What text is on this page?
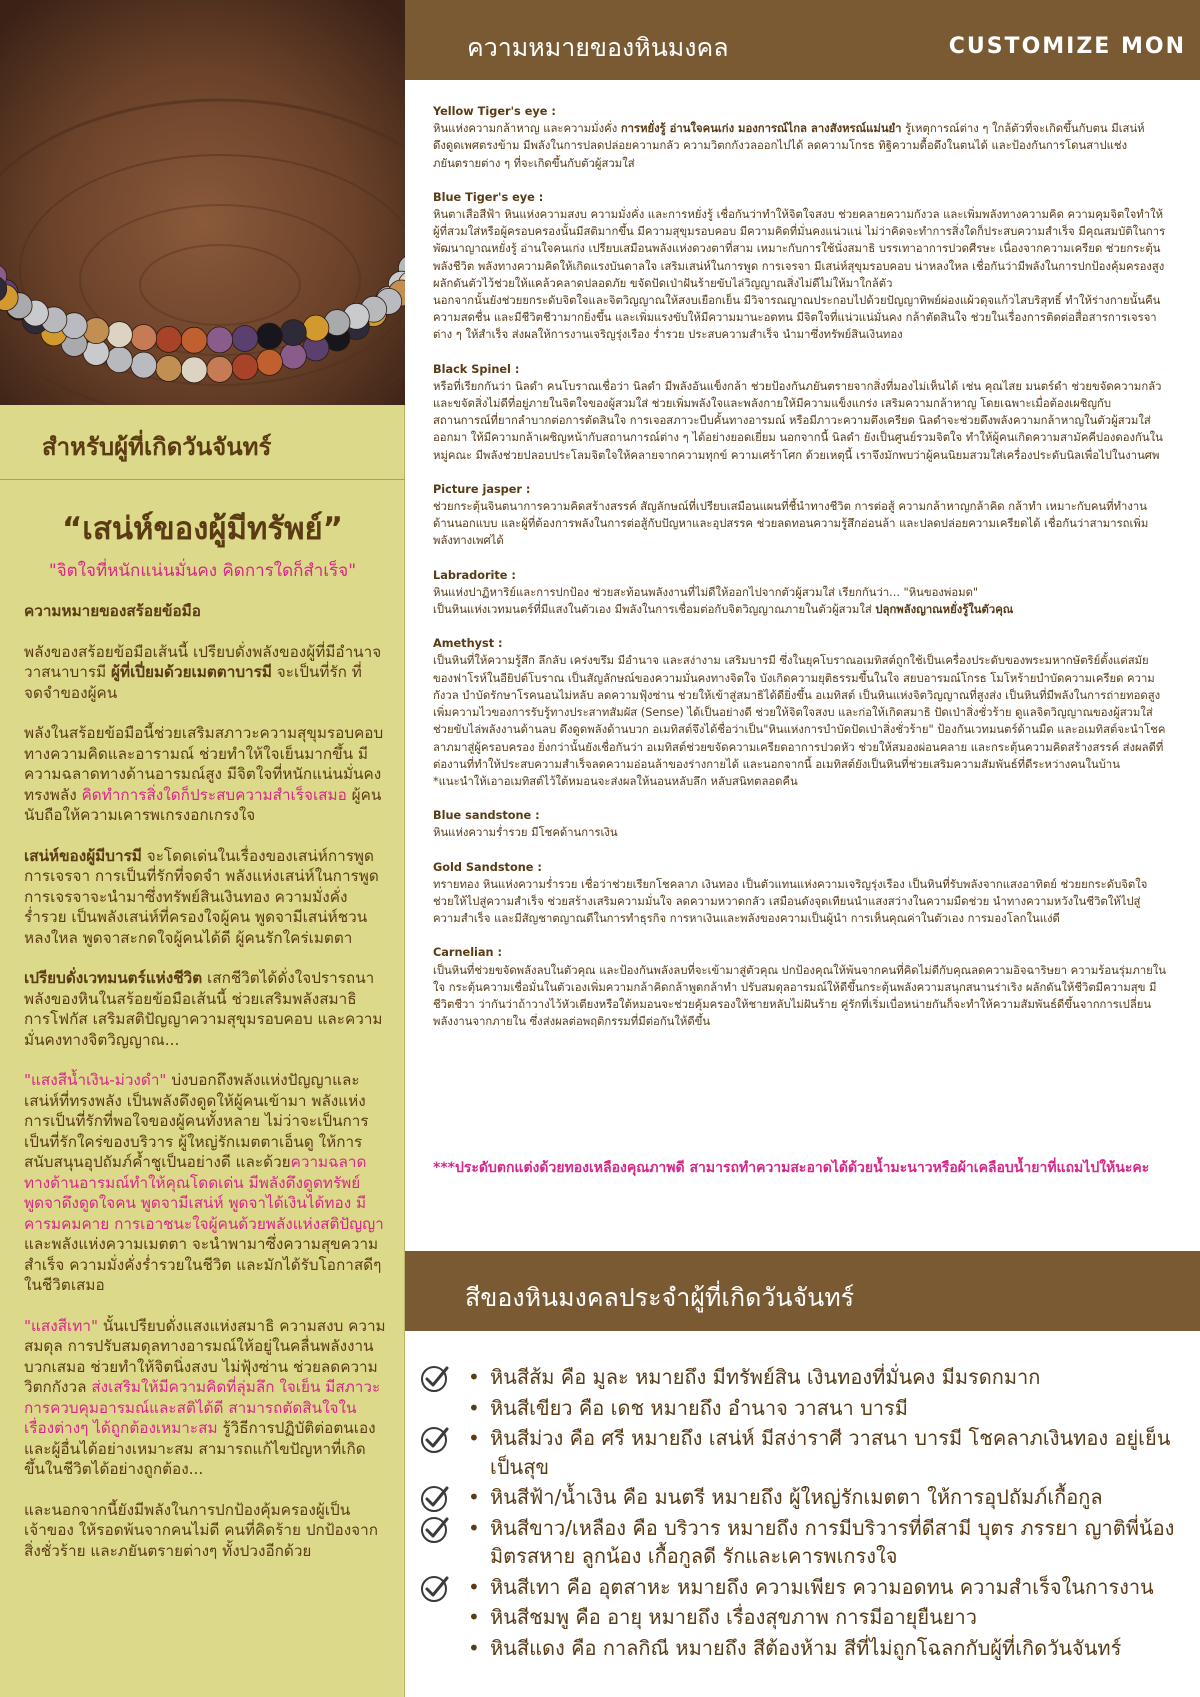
สำหรับผู้ที่เกิดวันจันทร์
“เสน่ห์ของผู้มีทรัพย์”
"จิตใจที่หนักแน่นมั่นคง คิดการใดก็สำเร็จ"

ความหมายของสร้อยข้อมือ

พลังของสร้อยข้อมือเส้นนี้ เปรียบดั่งพลังของผู้ที่มีอำนาจวาสนาบารมี ผู้ที่เปี่ยมด้วยเมตตาบารมี จะเป็นที่รัก ที่จดจำของผู้คน

พลังในสร้อยข้อมือนี้ช่วยเสริมสภาวะความสุขุมรอบคอบทางความคิดและอารามณ์ ช่วยทำให้ใจเย็นมากขึ้น มีความฉลาดทางด้านอารมณ์สูง มีจิตใจที่หนักแน่นมั่นคงทรงพลัง คิดทำการสิ่งใดก็ประสบความสำเร็จเสมอ ผู้คนนับถือให้ความเคารพเกรงอกเกรงใจ

เสน่ห์ของผู้มีบารมี จะโดดเด่นในเรื่องของเสน่ห์การพูดการเจรจา การเป็นที่รักที่จดจำ พลังแห่งเสน่ห์ในการพูดการเจรจาจะนำมาซึ่งทรัพย์สินเงินทอง ความมั่งคั่งร่ำรวย เป็นพลังเสน่ห์ที่ครองใจผู้คน พูดจามีเสน่ห์ชวนหลงใหล พูดจาสะกดใจผู้คนได้ดี ผู้คนรักใคร่เมตตา

เปรียบดั่งเวทมนตร์แห่งชีวิต เสกชีวิตได้ดั่งใจปรารถนา พลังของหินในสร้อยข้อมือเส้นนี้ ช่วยเสริมพลังสมาธิ การโฟกัส เสริมสติปัญญาความสุขุมรอบคอบ และความมั่นคงทางจิตวิญญาณ...

"แสงสีน้ำเงิน-ม่วงดำ" บ่งบอกถึงพลังแห่งปัญญาและเสน่ห์ที่ทรงพลัง เป็นพลังดึงดูดให้ผู้คนเข้ามา พลังแห่งการเป็นที่รักที่พอใจของผู้คนทั้งหลาย ไม่ว่าจะเป็นการเป็นที่รักใคร่ของบริวาร ผู้ใหญ่รักเมตตาเอ็นดู ให้การสนับสนุนอุปถัมภ์ค้ำชูเป็นอย่างดี และด้วยความฉลาดทางด้านอารมณ์ทำให้คุณโดดเด่น มีพลังดึงดูดทรัพย์ พูดจาดึงดูดใจคน พูดจามีเสน่ห์ พูดจาได้เงินได้ทอง มีคารมคมคาย การเอาชนะใจผู้คนด้วยพลังแห่งสติปัญญา และพลังแห่งความเมตตา จะนำพามาซึ่งความสุขความสำเร็จ ความมั่งคั่งร่ำรวยในชีวิต และมักได้รับโอกาสดีๆ ในชีวิตเสมอ

"แสงสีเทา" นั้นเปรียบดั่งแสงแห่งสมาธิ ความสงบ ความสมดุล การปรับสมดุลทางอารมณ์ให้อยู่ในคลื่นพลังงานบวกเสมอ ช่วยทำให้จิตนิ่งสงบ ไม่ฟุ้งซ่าน ช่วยลดความวิตกกังวล ส่งเสริมให้มีความคิดที่ลุ่มลึก ใจเย็น มีสภาวะการควบคุมอารมณ์และสติได้ดี สามารถตัดสินใจในเรื่องต่างๆ ได้ถูกต้องเหมาะสม รู้วิธีการปฏิบัติต่อตนเองและผู้อื่นได้อย่างเหมาะสม สามารถแก้ไขปัญหาที่เกิดขึ้นในชีวิตได้อย่างถูกต้อง...

และนอกจากนี้ยังมีพลังในการปกป้องคุ้มครองผู้เป็นเจ้าของ ให้รอดพ้นจากคนไม่ดี คนที่คิดร้าย ปกป้องจากสิ่งชั่วร้าย และภยันตรายต่างๆ ทั้งปวงอีกด้วย

ความหมายของหินมงคล	CUSTOMIZE MON
Yellow Tiger's eye :
หินแห่งความกล้าหาญ และความมั่งคั่ง การหยั่งรู้ อ่านใจคนเก่ง มองการณ์ไกล ลางสังหรณ์แม่นยำ รู้เหตุการณ์ต่าง ๆ ใกล้ตัวที่จะเกิดขึ้นกับตน มีเสน่ห์ดึงดูดเพศตรงข้าม มีพลังในการปลดปล่อยความกลัว ความวิตกกังวลออกไปได้ ลดความโกรธ ทิฐิความดื้อดึงในตนได้ และป้องกันการโดนสาปแช่ง ภยันตรายต่าง ๆ ที่จะเกิดขึ้นกับตัวผู้สวมใส่
Blue Tiger's eye :
หินตาเสือสีฟ้า หินแห่งความสงบ ความมั่งคั่ง และการหยั่งรู้ เชื่อกันว่าทำให้จิตใจสงบ ช่วยคลายความกังวล และเพิ่มพลังทางความคิด ความคุมจิตใจทำให้ผู้ที่สวมใส่หรือผู้ครอบครองนั้นมีสติมากขึ้น มีความสุขุมรอบคอบ มีความคิดที่มั่นคงแน่วแน่ ไม่ว่าคิดจะทำการสิ่งใดก็ประสบความสำเร็จ มีคุณสมบัติในการพัฒนาญาณหยั่งรู้ อ่านใจคนเก่ง เปรียบเสมือนพลังแห่งดวงตาที่สาม เหมาะกับการใช้นั่งสมาธิ บรรเทาอาการปวดศีรษะ เนื่องจากความเครียด ช่วยกระตุ้นพลังชีวิต พลังทางความคิดให้เกิดแรงบันดาลใจ เสริมเสน่ห์ในการพูด การเจรจา มีเสน่ห์สุขุมรอบคอบ น่าหลงใหล เชื่อกันว่ามีพลังในการปกป้องคุ้มครองสูง ผลักดันตัวไว้ช่วยให้แคล้วคลาดปลอดภัย ขจัดปัดเป่าฝันร้ายขับไล่วิญญาณสิ่งไม่ดีไม่ให้มาใกล้ตัว
นอกจากนั้นยังช่วยยกระดับจิตใจและจิตวิญญาณให้สงบเยือกเย็น มีวิจารณญาณประกอบไปด้วยปัญญาทิพย์ผ่องแผ้วดุจแก้วไสบริสุทธิ์ ทำให้ร่างกายนั้นคืนความสดชื่น และมีชีวิตชีวามากยิ่งขึ้น และเพิ่มแรงขับให้มีความมานะอดทน มีจิตใจที่แน่วแน่มั่นคง กล้าตัดสินใจ ช่วยในเรื่องการติดต่อสื่อสารการเจรจาต่าง ๆ ให้สำเร็จ ส่งผลให้การงานเจริญรุ่งเรือง ร่ำรวย ประสบความสำเร็จ นำมาซึ่งทรัพย์สินเงินทอง
Black Spinel :
หรือที่เรียกกันว่า นิลดำ คนโบราณเชื่อว่า นิลดำ มีพลังอันแข็งกล้า ช่วยป้องกันภยันตรายจากสิ่งที่มองไม่เห็นได้ เช่น คุณไสย มนตร์ดำ ช่วยขจัดความกลัว และขจัดสิ่งไม่ดีที่อยู่ภายในจิตใจของผู้สวมใส่ ช่วยเพิ่มพลังใจและพลังกายให้มีความแข็งแกร่ง เสริมความกล้าหาญ โดยเฉพาะเมื่อต้องเผชิญกับสถานการณ์ที่ยากลำบากต่อการตัดสินใจ การเจอสภาวะบีบคั้นทางอารมณ์ หรือมีภาวะความตึงเครียด นิลดำจะช่วยดึงพลังความกล้าหาญในตัวผู้สวมใส่ออกมา ให้มีความกล้าเผชิญหน้ากับสถานการณ์ต่าง ๆ ได้อย่างยอดเยี่ยม นอกจากนี้ นิลดำ ยังเป็นศูนย์รวมจิตใจ ทำให้ผู้คนเกิดความสามัคคีปองดองกันในหมู่คณะ มีพลังช่วยปลอบประโลมจิตใจให้คลายจากความทุกข์ ความเศร้าโศก ด้วยเหตุนี้ เราจึงมักพบว่าผู้คนนิยมสวมใส่เครื่องประดับนิลเพื่อไปในงานศพ
Picture jasper :
ช่วยกระตุ้นจินตนาการความคิดสร้างสรรค์ สัญลักษณ์ที่เปรียบเสมือนแผนที่ชี้นำทางชีวิต การต่อสู้ ความกล้าหาญกล้าคิด กล้าทำ เหมาะกับคนที่ทำงานด้านนอกแบบ และผู้ที่ต้องการพลังในการต่อสู้กับปัญหาและอุปสรรค ช่วยลดทอนความรู้สึกอ่อนล้า และปลดปล่อยความเครียดได้ เชื่อกันว่าสามารถเพิ่มพลังทางเพศได้
Labradorite :
หินแห่งปาฏิหาริย์และการปกป้อง ช่วยสะท้อนพลังงานที่ไม่ดีให้ออกไปจากตัวผู้สวมใส่ เรียกกันว่า... "หินของพ่อมด"
เป็นหินแห่งเวทมนตร์ที่มีแสงในตัวเอง มีพลังในการเชื่อมต่อกับจิตวิญญาณภายในตัวผู้สวมใส่ ปลุกพลังญาณหยั่งรู้ในตัวคุณ
Amethyst :
เป็นหินที่ให้ความรู้สึก ลึกลับ เคร่งขรึม มีอำนาจ และสง่างาม เสริมบารมี ซึ่งในยุคโบราณอเมทิสต์ถูกใช้เป็นเครื่องประดับของพระมหากษัตริย์ตั้งแต่สมัยของฟาโรห์ในอียิปต์โบราณ เป็นสัญลักษณ์ของความมั่นคงทางจิตใจ บังเกิดความยุติธรรมขึ้นในใจ สยบอารมณ์โกรธ โมโหร้ายบำบัดความเครียด ความกังวล บำบัดรักษาโรคนอนไม่หลับ ลดความฟุ้งซ่าน ช่วยให้เข้าสู่สมาธิได้ดียิ่งขึ้น อเมทิสต์ เป็นหินแห่งจิตวิญญาณที่สูงส่ง เป็นหินที่มีพลังในการถ่ายทอดสูง เพิ่มความไวของการรับรู้ทางประสาทสัมผัส (Sense) ได้เป็นอย่างดี ช่วยให้จิตใจสงบ และก่อให้เกิดสมาธิ ปัดเป่าสิ่งชั่วร้าย ดูแลจิตวิญญาณของผู้สวมใส่ช่วยขับไล่พลังงานด้านลบ ดึงดูดพลังด้านบวก อเมทิสต์จึงได้ชื่อว่าเป็น"หินแห่งการบำบัดปัดเป่าสิ่งชั่วร้าย" ป้องกันเวทมนตร์ด้านมืด และอเมทิสต์จะนำโชคลาภมาสู่ผู้ครอบครอง ยิ่งกว่านั้นยังเชื่อกันว่า อเมทิสต์ช่วยขจัดความเครียดอาการปวดหัว ช่วยให้สมองผ่อนคลาย และกระตุ้นความคิดสร้างสรรค์ ส่งผลดีที่ต่องานที่ทำให้ประสบความสำเร็จลดความอ่อนล้าของร่างกายได้ และนอกจากนี้ อเมทิสต์ยังเป็นหินที่ช่วยเสริมความสัมพันธ์ที่ดีระหว่างคนในบ้าน
*แนะนำให้เอาอเมทิสต์ไว้ใต้หมอนจะส่งผลให้นอนหลับลึก หลับสนิทตลอดคืน
Blue sandstone :
หินแห่งความร่ำรวย มีโชคด้านการเงิน
Gold Sandstone :
ทรายทอง หินแห่งความร่ำรวย เชื่อว่าช่วยเรียกโชคลาภ เงินทอง เป็นตัวแทนแห่งความเจริญรุ่งเรือง เป็นหินที่รับพลังจากแสงอาทิตย์ ช่วยยกระดับจิตใจ ช่วยให้ไปสู่ความสำเร็จ ช่วยสร้างเสริมความมั่นใจ ลดความหวาดกลัว เสมือนดังจุดเทียนนำแสงสว่างในความมืดช่วย นำทางความหวังในชีวิตให้ไปสู่ความสำเร็จ และมีสัญชาตญาณดีในการทำธุรกิจ การหาเงินและพลังของความเป็นผู้นำ การเห็นคุณค่าในตัวเอง การมองโลกในแง่ดี
Carnelian :
เป็นหินที่ช่วยขจัดพลังลบในตัวคุณ และป้องกันพลังลบที่จะเข้ามาสู่ตัวคุณ ปกป้องคุณให้พ้นจากคนที่คิดไม่ดีกับคุณลดความอิจฉาริษยา ความร้อนรุ่มภายในใจ กระตุ้นความเชื่อมั่นในตัวเองเพิ่มความกล้าคิดกล้าพูดกล้าทำ ปรับสมดุลอารมณ์ให้ดีขึ้นกระตุ้นพลังความสนุกสนานร่าเริง ผลักดันให้ชีวิตมีความสุข มีชีวิตชีวา ว่ากันว่าถ้าวางไว้หัวเตียงหรือใต้หมอนจะช่วยคุ้มครองให้ชายหลับไม่ฝันร้าย คู่รักที่เริ่มเบื่อหน่ายกันก็จะทำให้ความสัมพันธ์ดีขึ้นจากการเปลี่ยนพลังงานจากภายใน ซึ่งส่งผลต่อพฤติกรรมที่มีต่อกันให้ดีขึ้น
***ประดับตกแต่งด้วยทองเหลืองคุณภาพดี สามารถทำความสะอาดได้ด้วยน้ำมะนาวหรือผ้าเคลือบน้ำยาที่แถมไปให้นะคะ
สีของหินมงคลประจำผู้ที่เกิดวันจันทร์
• หินสีส้ม คือ มูละ หมายถึง มีทรัพย์สิน เงินทองที่มั่นคง มีมรดกมาก
• หินสีเขียว คือ เดช หมายถึง อำนาจ วาสนา บารมี
• หินสีม่วง คือ ศรี หมายถึง เสน่ห์ มีสง่าราศี วาสนา บารมี โชคลาภเงินทอง อยู่เย็นเป็นสุข
• หินสีฟ้า/น้ำเงิน คือ มนตรี หมายถึง ผู้ใหญ่รักเมตตา ให้การอุปถัมภ์เกื้อกูล
• หินสีขาว/เหลือง คือ บริวาร หมายถึง การมีบริวารที่ดีสามี บุตร ภรรยา ญาติพี่น้อง มิตรสหาย ลูกน้อง เกื้อกูลดี รักและเคารพเกรงใจ
• หินสีเทา คือ อุตสาหะ หมายถึง ความเพียร ความอดทน ความสำเร็จในการงาน
• หินสีชมพู คือ อายุ หมายถึง เรื่องสุขภาพ การมีอายุยืนยาว
• หินสีแดง คือ กาลกิณี หมายถึง สีต้องห้าม สีที่ไม่ถูกโฉลกกับผู้ที่เกิดวันจันทร์
